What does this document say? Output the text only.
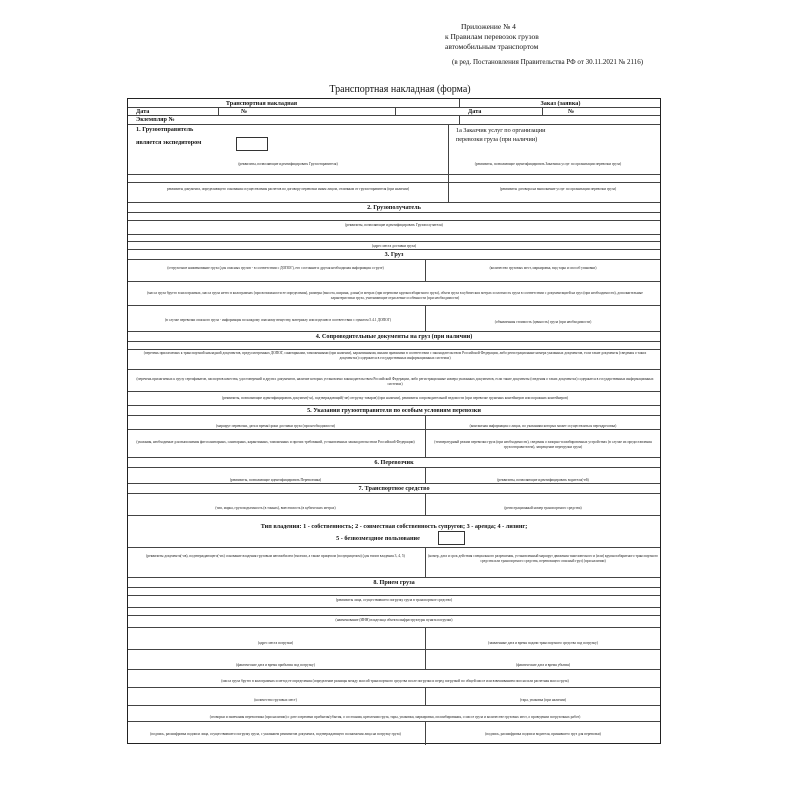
Приложение № 4
к Правилам перевозок грузов
автомобильным транспортом
(в ред. Постановления Правительства РФ от 30.11.2021 № 2116)
Транспортная накладная (форма)
Транспортная накладная	Заказ (заявка)
Дата	№	Дата	№
Экземпляр №
1. Грузоотправитель
является экспедитором
1а Заказчик услуг по организации
перевозки груза (при наличии)
(реквизиты, позволяющие идентифицировать Грузоотправителя)	(реквизиты, позволяющие идентифицировать Заказчика услуг по организации перевозки груза)
реквизиты документа, определяющего основания осуществления расчетов по договору перевозки иным лицом, отличным от грузоотправителя (при наличии)	(реквизиты договора на выполнение услуг по организации перевозки груза)
2. Грузополучатель
(реквизиты, позволяющие идентифицировать Грузополучателя)
(адрес места доставки груза)
3. Груз
(отгрузочное наименование груза (для опасных грузов - в соответствии с ДОПОГ), его состояние и другая необходимая информация о грузе)	(количество грузовых мест, маркировка, вид тары и способ упаковки)
(масса груза брутто в килограммах, масса груза нетто в килограммах (при возможности ее определения), размеры (высота, ширина, длина) в метрах (при перевозке крупногабаритного груза), объем груза в кубических метрах и плотность груза в соответствии с документацией на груз (при необходимости), дополнительные характеристики груза, учитывающие отраслевые особенности (при необходимости)
(в случае перевозки опасного груза - информация по каждому опасному веществу, материалу или изделию в соответствии с пунктом 5.4.1 ДОПОГ)	(объявленная стоимость (ценность) груза (при необходимости)
4. Сопроводительные документы на груз (при наличии)
(перечень прилагаемых к транспортной накладной документов, предусмотренных ДОПОГ, санитарными, таможенными (при наличии), карантинными, иными правилами в соответствии с законодательством Российской Федерации, либо регистрационные номера указанных документов, если такие документы (сведения о таких документах) содержатся в государственных информационных системах)
(перечень прилагаемых к грузу сертификатов, паспортов качества, удостоверений и других документов, наличие которых установлено законодательством Российской Федерации, либо регистрационные номера указанных документов, если такие документы (сведения о таких документах) содержатся в государственных информационных системах)
(реквизиты, позволяющие идентифицировать документ(-ы), подтверждающий(-ие) отгрузку товаров) (при наличии), реквизиты сопроводительной ведомости (при перевозке груженых контейнеров или порожних контейнеров)
5. Указания грузоотправителя по особым условиям перевозки
(маршрут перевозки, дата и время/сроки доставки груза (при необходимости)	(контактная информация о лицах, по указаниям которых может осуществляться переадресовка)
(указания, необходимые для выполнения фитосанитарных, санитарных, карантинных, таможенных и прочих требований, установленных законодательством Российской Федерации)	(температурный режим перевозки груза (при необходимости), сведения о запорно-пломбировочных устройствах (в случае их предоставления грузоотправителем), запрещение перегрузки груза)
6. Перевозчик
(реквизиты, позволяющие идентифицировать Перевозчика)	(реквизиты, позволяющие идентифицировать водителя(-ей)
7. Транспортное средство
(тип, марка, грузоподъемность (в тоннах), вместимость (в кубических метрах)	(регистрационный номер транспортного средства)
Тип владения: 1 - собственность; 2 - совместная собственность супругов; 3 - аренда; 4 - лизинг;
5 - безвозмездное пользование
(реквизиты документа(-ов), подтверждающего(-их) основание владения грузовым автомобилем (тягачом, а также прицепом (полуприцепом) (для типов владения 3, 4, 5)	(номер, дата и срок действия специального разрешения, установленный маршрут движения тяжеловесного и (или) крупногабаритного транспортного средства или транспортного средства, перевозящего опасный груз) (при наличии)
8. Прием груза
(реквизиты лица, осуществившего погрузку груза в транспортное средство)
(наименование (ИНН) владельца объекта инфраструктуры пункта погрузки)
(адрес места погрузки)	(заявленные дата и время подачи транспортного средства под погрузку)
(фактические дата и время прибытия под погрузку)	(фактические дата и время убытия)
(масса груза брутто в килограммах и метод ее определения (определение разницы между массой транспортного средства после погрузки и перед погрузкой по общей массе или взвешиванием поосно или расчетная масса груза)
(количество грузовых мест)	(тара, упаковка (при наличии)
(оговорки и замечания перевозчика (при наличии) о дате и времени прибытия/убытия, о состоянии, креплении груза, тары, упаковки, маркировки, опломбирования, о массе груза и количестве грузовых мест, о проведении погрузочных работ)
(подпись, расшифровка подписи лица, осуществившего погрузку груза, с указанием реквизитов документа, подтверждающего полномочия лица на погрузку груза)	(подпись, расшифровка подписи водителя, принявшего груз для перевозки)
